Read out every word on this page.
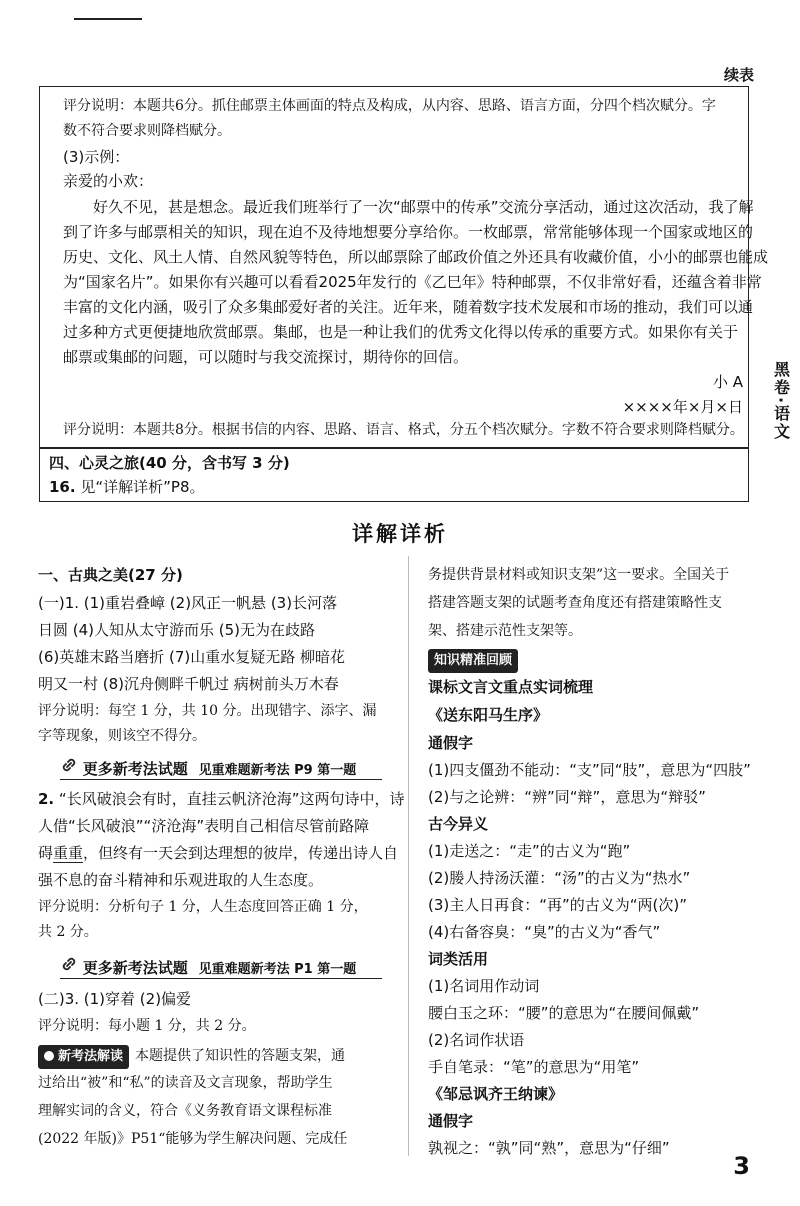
续表
黑卷·语文
评分说明：本题共6分。抓住邮票主体画面的特点及构成，从内容、思路、语言方面，分四个档次赋分。字
数不符合要求则降档赋分。
(3)示例：
亲爱的小欢：
好久不见，甚是想念。最近我们班举行了一次“邮票中的传承”交流分享活动，通过这次活动，我了解
到了许多与邮票相关的知识，现在迫不及待地想要分享给你。一枚邮票，常常能够体现一个国家或地区的
历史、文化、风土人情、自然风貌等特色，所以邮票除了邮政价值之外还具有收藏价值，小小的邮票也能成
为“国家名片”。如果你有兴趣可以看看2025年发行的《乙巳年》特种邮票，不仅非常好看，还蕴含着非常
丰富的文化内涵，吸引了众多集邮爱好者的关注。近年来，随着数字技术发展和市场的推动，我们可以通
过多种方式更便捷地欣赏邮票。集邮，也是一种让我们的优秀文化得以传承的重要方式。如果你有关于
邮票或集邮的问题，可以随时与我交流探讨，期待你的回信。
小 A
××××年×月×日
评分说明：本题共8分。根据书信的内容、思路、语言、格式，分五个档次赋分。字数不符合要求则降档赋分。
四、心灵之旅(40 分，含书写 3 分)
16. 见“详解详析”P8。
详解详析
一、古典之美(27 分)
(一)1. (1)重岩叠嶂 (2)风正一帆悬 (3)长河落
日圆 (4)人知从太守游而乐 (5)无为在歧路
(6)英雄末路当磨折 (7)山重水复疑无路 柳暗花
明又一村 (8)沉舟侧畔千帆过 病树前头万木春
评分说明：每空 1 分，共 10 分。出现错字、添字、漏
字等现象，则该空不得分。
更多新考法试题 见重难题新考法 P9 第一题
2. “长风破浪会有时，直挂云帆济沧海”这两句诗中，诗
人借“长风破浪”“济沧海”表明自己相信尽管前路障
碍重重，但终有一天会到达理想的彼岸，传递出诗人自
强不息的奋斗精神和乐观进取的人生态度。
评分说明：分析句子 1 分，人生态度回答正确 1 分，
共 2 分。
更多新考法试题 见重难题新考法 P1 第一题
(二)3. (1)穿着 (2)偏爱
评分说明：每小题 1 分，共 2 分。
新考法解读 本题提供了知识性的答题支架，通
过给出“被”和“私”的读音及文言现象，帮助学生
理解实词的含义，符合《义务教育语文课程标准
(2022 年版)》P51“能够为学生解决问题、完成任
务提供背景材料或知识支架”这一要求。全国关于
搭建答题支架的试题考查角度还有搭建策略性支
架、搭建示范性支架等。
知识精准回顾
课标文言文重点实词梳理
《送东阳马生序》
通假字
(1)四支僵劲不能动：“支”同“肢”，意思为“四肢”
(2)与之论辨：“辨”同“辩”，意思为“辩驳”
古今异义
(1)走送之：“走”的古义为“跑”
(2)媵人持汤沃灌：“汤”的古义为“热水”
(3)主人日再食：“再”的古义为“两(次)”
(4)右备容臭：“臭”的古义为“香气”
词类活用
(1)名词用作动词
腰白玉之环：“腰”的意思为“在腰间佩戴”
(2)名词作状语
手自笔录：“笔”的意思为“用笔”
《邹忌讽齐王纳谏》
通假字
孰视之：“孰”同“熟”，意思为“仔细”
3
